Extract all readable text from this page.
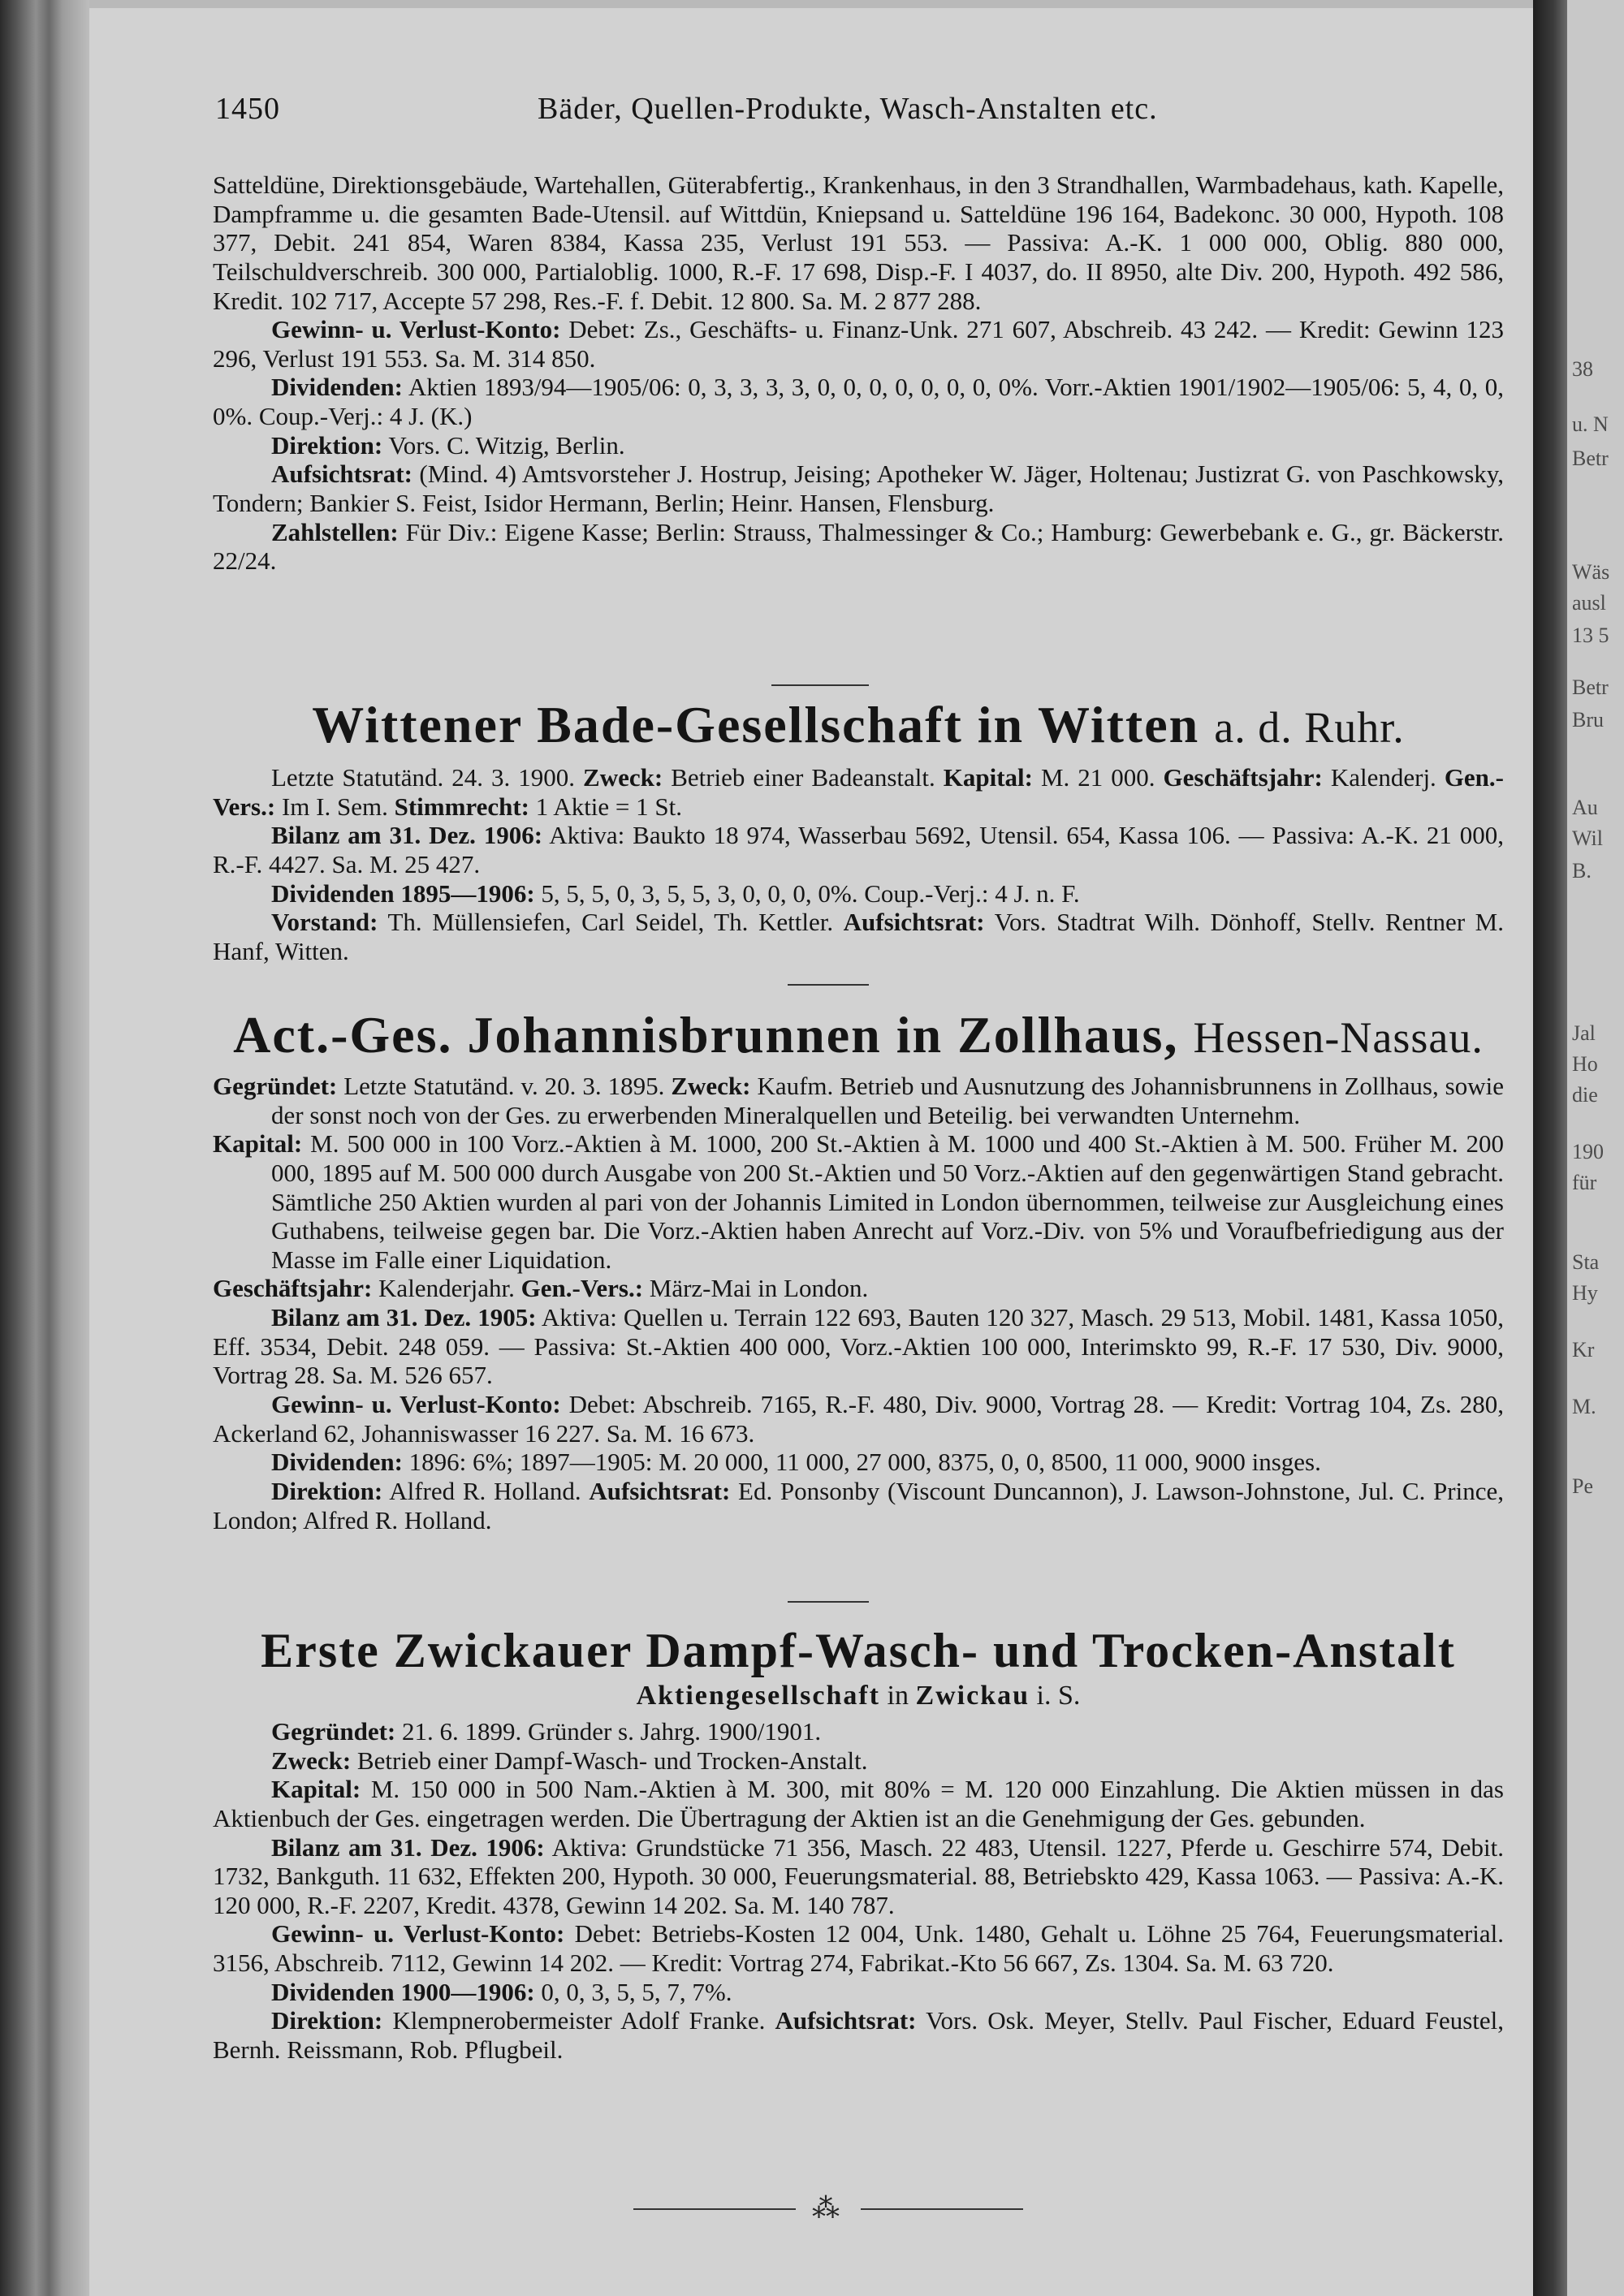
38
u. N
Betr
Wäs
ausl
13 5
Betr
Bru
Au
Wil
B.
Jal
Ho
die
190
für
Sta
Hy
Kr
M.
Pe
1450	Bäder, Quellen-Produkte, Wasch-Anstalten etc.

Satteldüne, Direktionsgebäude, Wartehallen, Güterabfertig., Krankenhaus, in den 3 Strandhallen, Warmbadehaus, kath. Kapelle, Dampframme u. die gesamten Bade-Utensil. auf Wittdün, Kniepsand u. Satteldüne 196 164, Badekonc. 30 000, Hypoth. 108 377, Debit. 241 854, Waren 8384, Kassa 235, Verlust 191 553. — Passiva: A.-K. 1 000 000, Oblig. 880 000, Teilschuldverschreib. 300 000, Partialoblig. 1000, R.-F. 17 698, Disp.-F. I 4037, do. II 8950, alte Div. 200, Hypoth. 492 586, Kredit. 102 717, Accepte 57 298, Res.-F. f. Debit. 12 800. Sa. M. 2 877 288.

Gewinn- u. Verlust-Konto: Debet: Zs., Geschäfts- u. Finanz-Unk. 271 607, Abschreib. 43 242. — Kredit: Gewinn 123 296, Verlust 191 553. Sa. M. 314 850.

Dividenden: Aktien 1893/94—1905/06: 0, 3, 3, 3, 3, 0, 0, 0, 0, 0, 0, 0, 0%. Vorr.-Aktien 1901/1902—1905/06: 5, 4, 0, 0, 0%. Coup.-Verj.: 4 J. (K.)

Direktion: Vors. C. Witzig, Berlin.

Aufsichtsrat: (Mind. 4) Amtsvorsteher J. Hostrup, Jeising; Apotheker W. Jäger, Holtenau; Justizrat G. von Paschkowsky, Tondern; Bankier S. Feist, Isidor Hermann, Berlin; Heinr. Hansen, Flensburg.

Zahlstellen: Für Div.: Eigene Kasse; Berlin: Strauss, Thalmessinger & Co.; Hamburg: Gewerbebank e. G., gr. Bäckerstr. 22/24.

Wittener Bade-Gesellschaft in Witten a. d. Ruhr.

Letzte Statutänd. 24. 3. 1900. Zweck: Betrieb einer Badeanstalt. Kapital: M. 21 000. Geschäftsjahr: Kalenderj. Gen.-Vers.: Im I. Sem. Stimmrecht: 1 Aktie = 1 St.

Bilanz am 31. Dez. 1906: Aktiva: Baukto 18 974, Wasserbau 5692, Utensil. 654, Kassa 106. — Passiva: A.-K. 21 000, R.-F. 4427. Sa. M. 25 427.

Dividenden 1895—1906: 5, 5, 5, 0, 3, 5, 5, 3, 0, 0, 0, 0%. Coup.-Verj.: 4 J. n. F.

Vorstand: Th. Müllensiefen, Carl Seidel, Th. Kettler. Aufsichtsrat: Vors. Stadtrat Wilh. Dönhoff, Stellv. Rentner M. Hanf, Witten.

Act.-Ges. Johannisbrunnen in Zollhaus, Hessen-Nassau.

Gegründet: Letzte Statutänd. v. 20. 3. 1895. Zweck: Kaufm. Betrieb und Ausnutzung des Johannisbrunnens in Zollhaus, sowie der sonst noch von der Ges. zu erwerbenden Mineralquellen und Beteilig. bei verwandten Unternehm.

Kapital: M. 500 000 in 100 Vorz.-Aktien à M. 1000, 200 St.-Aktien à M. 1000 und 400 St.-Aktien à M. 500. Früher M. 200 000, 1895 auf M. 500 000 durch Ausgabe von 200 St.-Aktien und 50 Vorz.-Aktien auf den gegenwärtigen Stand gebracht. Sämtliche 250 Aktien wurden al pari von der Johannis Limited in London übernommen, teilweise zur Ausgleichung eines Guthabens, teilweise gegen bar. Die Vorz.-Aktien haben Anrecht auf Vorz.-Div. von 5% und Voraufbefriedigung aus der Masse im Falle einer Liquidation.

Geschäftsjahr: Kalenderjahr. Gen.-Vers.: März-Mai in London.

Bilanz am 31. Dez. 1905: Aktiva: Quellen u. Terrain 122 693, Bauten 120 327, Masch. 29 513, Mobil. 1481, Kassa 1050, Eff. 3534, Debit. 248 059. — Passiva: St.-Aktien 400 000, Vorz.-Aktien 100 000, Interimskto 99, R.-F. 17 530, Div. 9000, Vortrag 28. Sa. M. 526 657.

Gewinn- u. Verlust-Konto: Debet: Abschreib. 7165, R.-F. 480, Div. 9000, Vortrag 28. — Kredit: Vortrag 104, Zs. 280, Ackerland 62, Johanniswasser 16 227. Sa. M. 16 673.

Dividenden: 1896: 6%; 1897—1905: M. 20 000, 11 000, 27 000, 8375, 0, 0, 8500, 11 000, 9000 insges.

Direktion: Alfred R. Holland. Aufsichtsrat: Ed. Ponsonby (Viscount Duncannon), J. Lawson-Johnstone, Jul. C. Prince, London; Alfred R. Holland.

Erste Zwickauer Dampf-Wasch- und Trocken-Anstalt
Aktiengesellschaft in Zwickau i. S.

Gegründet: 21. 6. 1899. Gründer s. Jahrg. 1900/1901.

Zweck: Betrieb einer Dampf-Wasch- und Trocken-Anstalt.

Kapital: M. 150 000 in 500 Nam.-Aktien à M. 300, mit 80% = M. 120 000 Einzahlung. Die Aktien müssen in das Aktienbuch der Ges. eingetragen werden. Die Übertragung der Aktien ist an die Genehmigung der Ges. gebunden.

Bilanz am 31. Dez. 1906: Aktiva: Grundstücke 71 356, Masch. 22 483, Utensil. 1227, Pferde u. Geschirre 574, Debit. 1732, Bankguth. 11 632, Effekten 200, Hypoth. 30 000, Feuerungsmaterial. 88, Betriebskto 429, Kassa 1063. — Passiva: A.-K. 120 000, R.-F. 2207, Kredit. 4378, Gewinn 14 202. Sa. M. 140 787.

Gewinn- u. Verlust-Konto: Debet: Betriebs-Kosten 12 004, Unk. 1480, Gehalt u. Löhne 25 764, Feuerungsmaterial. 3156, Abschreib. 7112, Gewinn 14 202. — Kredit: Vortrag 274, Fabrikat.-Kto 56 667, Zs. 1304. Sa. M. 63 720.

Dividenden 1900—1906: 0, 0, 3, 5, 5, 7, 7%.

Direktion: Klempnerobermeister Adolf Franke. Aufsichtsrat: Vors. Osk. Meyer, Stellv. Paul Fischer, Eduard Feustel, Bernh. Reissmann, Rob. Pflugbeil.

⁂
